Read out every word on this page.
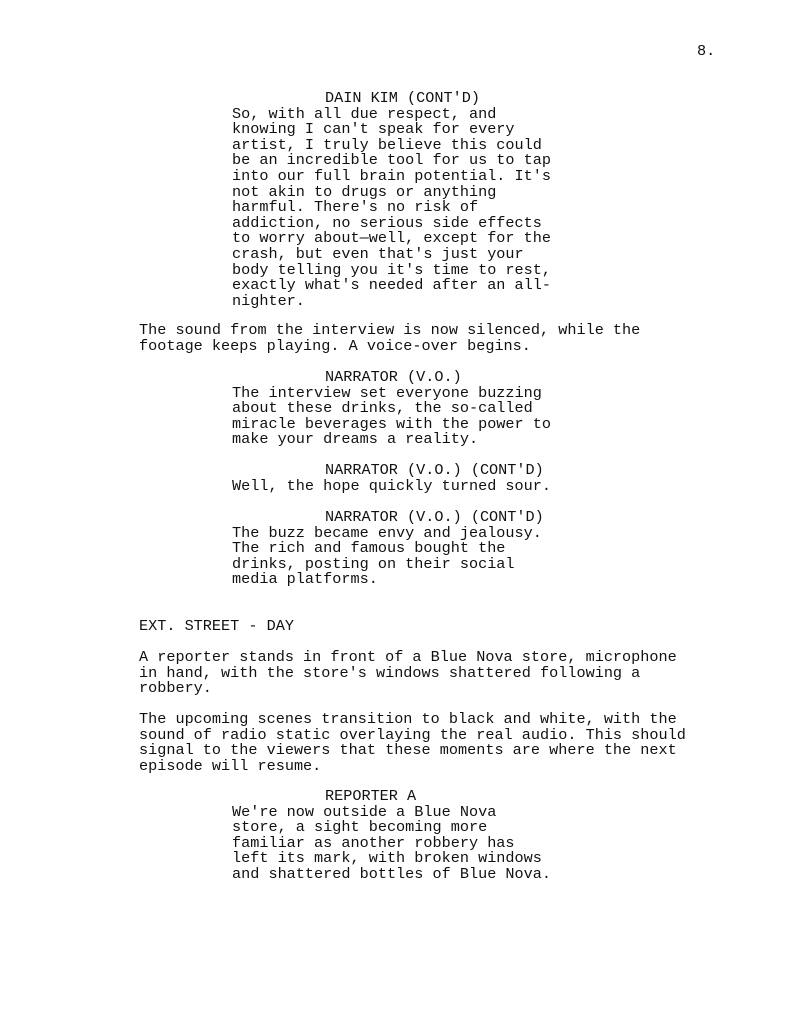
8.
DAIN KIM (CONT'D)
So, with all due respect, and
knowing I can't speak for every
artist, I truly believe this could
be an incredible tool for us to tap
into our full brain potential. It's
not akin to drugs or anything
harmful. There's no risk of
addiction, no serious side effects
to worry about—well, except for the
crash, but even that's just your
body telling you it's time to rest,
exactly what's needed after an all-
nighter.
The sound from the interview is now silenced, while the
footage keeps playing. A voice-over begins.
NARRATOR (V.O.)
The interview set everyone buzzing
about these drinks, the so-called
miracle beverages with the power to
make your dreams a reality.
NARRATOR (V.O.) (CONT'D)
Well, the hope quickly turned sour.
NARRATOR (V.O.) (CONT'D)
The buzz became envy and jealousy.
The rich and famous bought the
drinks, posting on their social
media platforms.
EXT. STREET - DAY
A reporter stands in front of a Blue Nova store, microphone
in hand, with the store's windows shattered following a
robbery.
The upcoming scenes transition to black and white, with the
sound of radio static overlaying the real audio. This should
signal to the viewers that these moments are where the next
episode will resume.
REPORTER A
We're now outside a Blue Nova
store, a sight becoming more
familiar as another robbery has
left its mark, with broken windows
and shattered bottles of Blue Nova.
